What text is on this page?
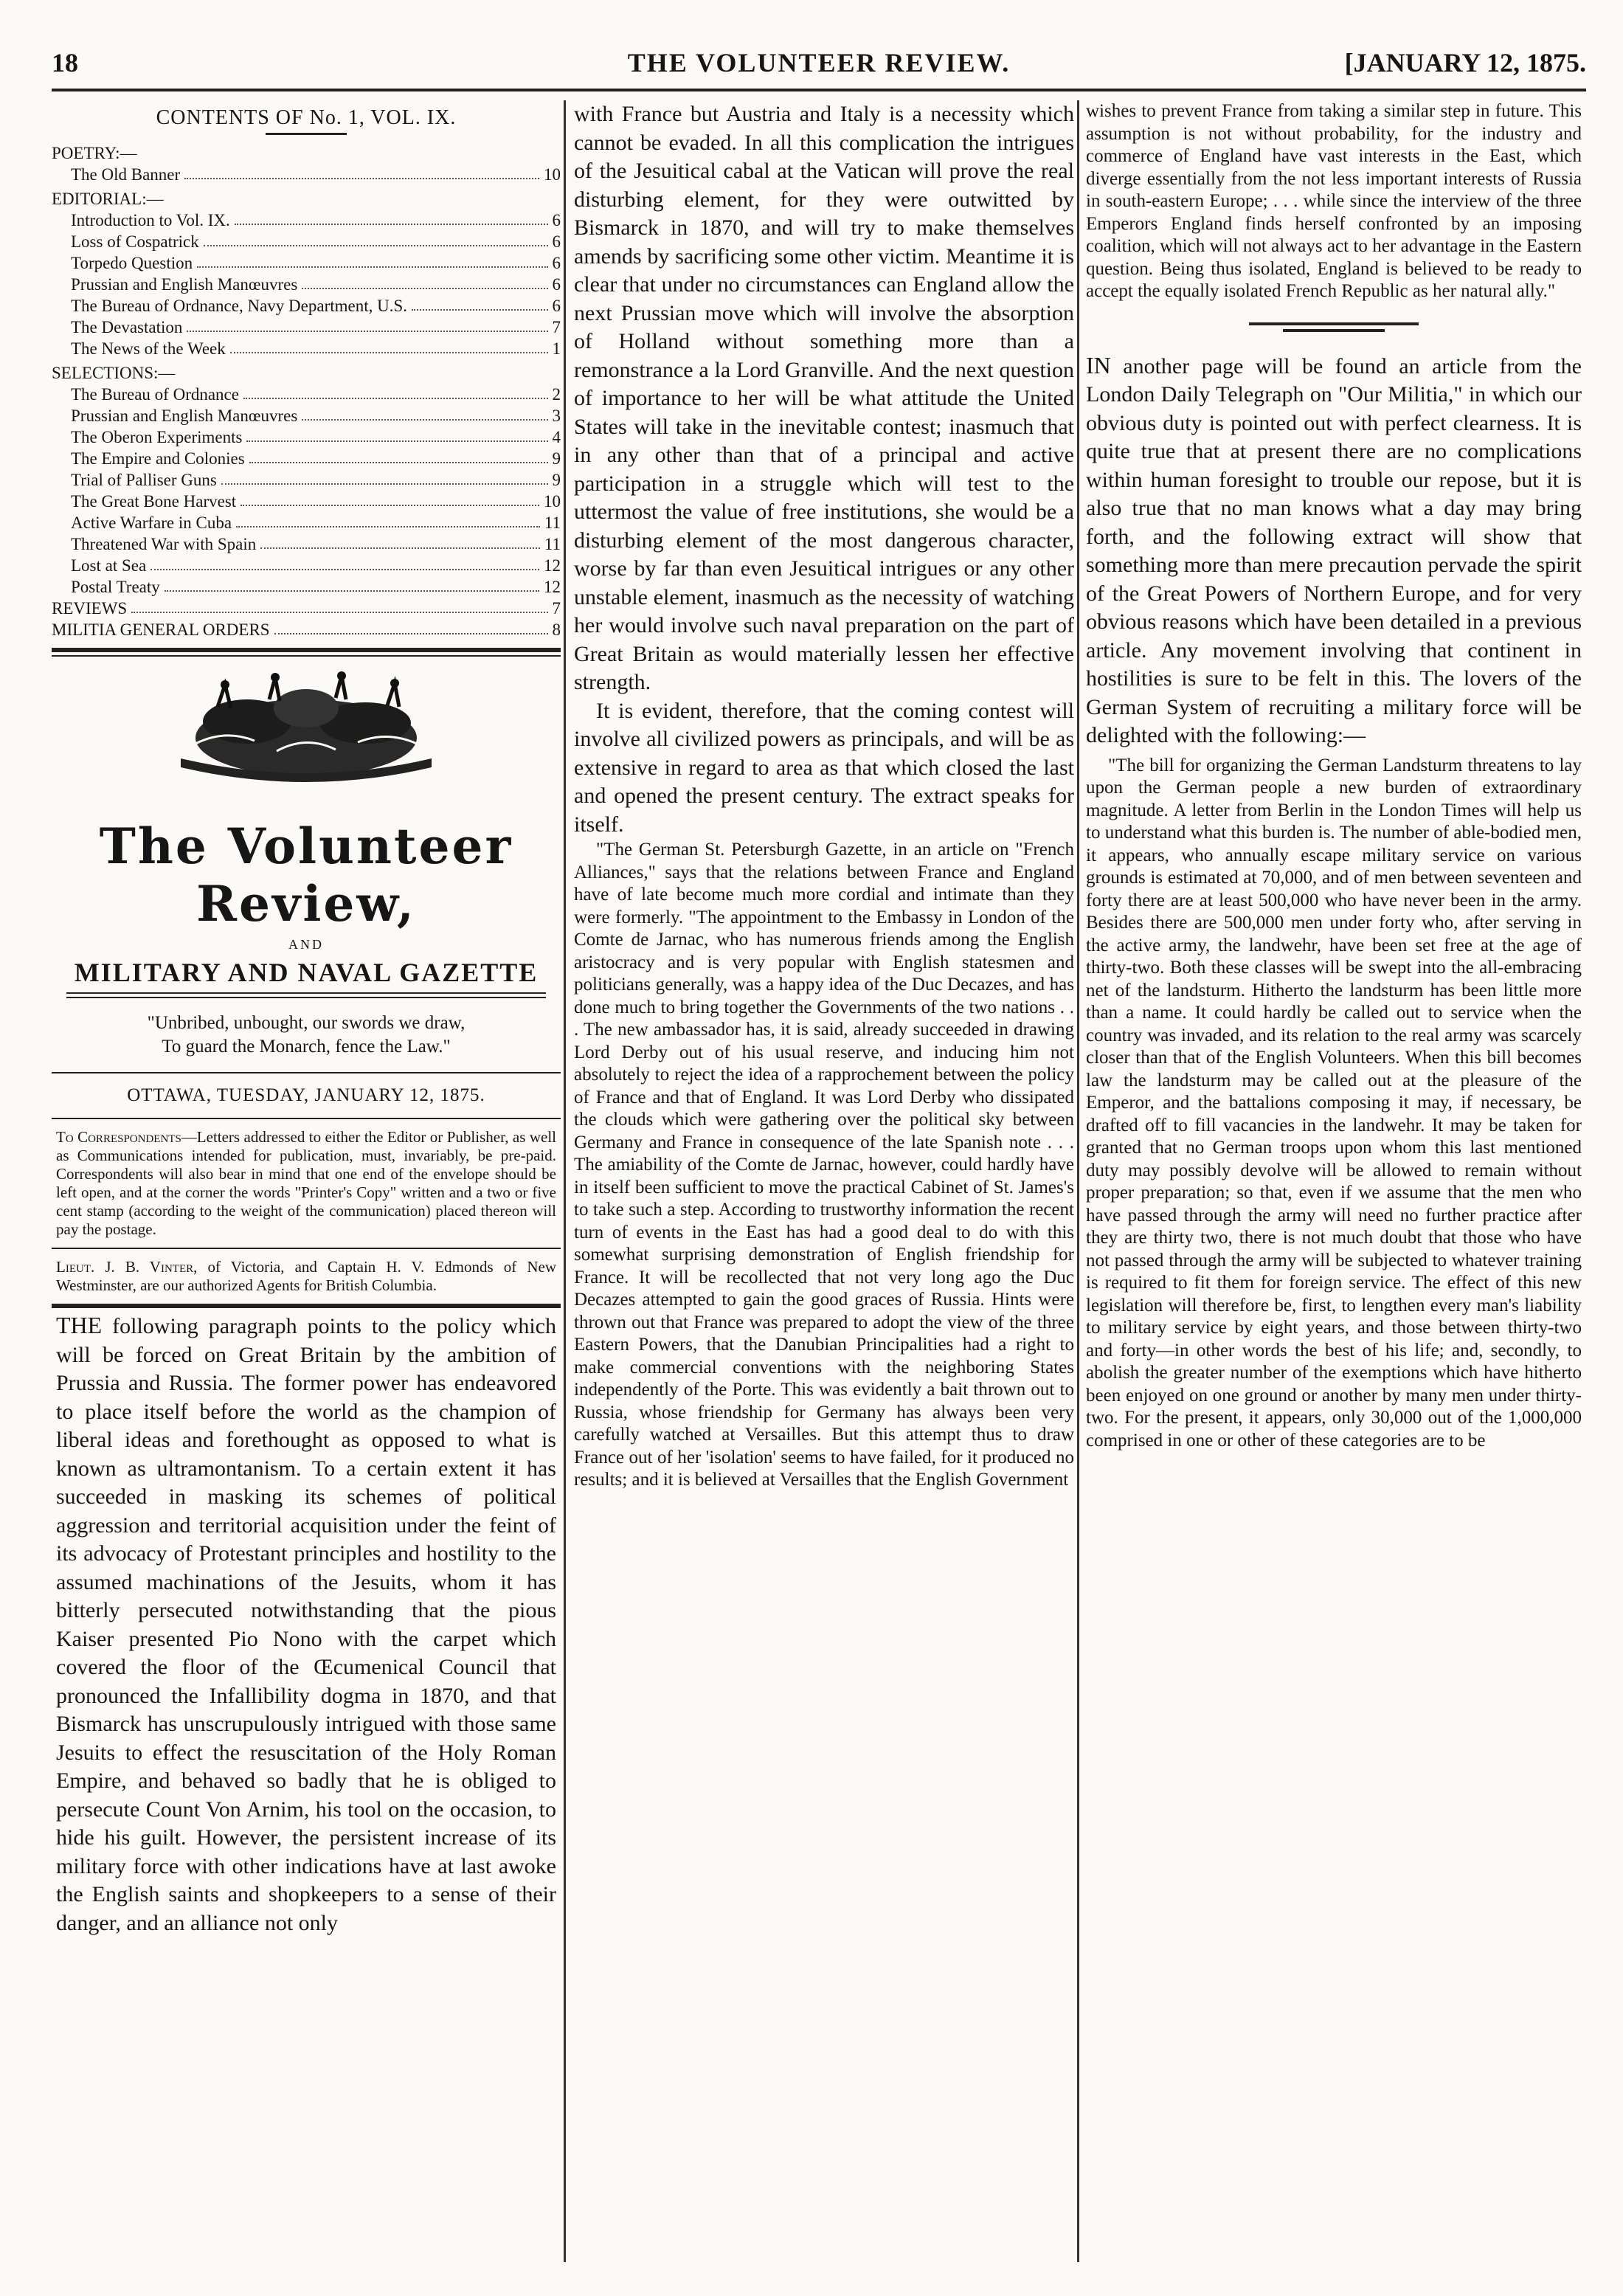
18	THE VOLUNTEER REVIEW.	[JANUARY 12, 1875.
CONTENTS OF No. 1, VOL. IX.
POETRY:—
The Old Banner	10
EDITORIAL:—
Introduction to Vol. IX.	6
Loss of Cospatrick	6
Torpedo Question	6
Prussian and English Manœuvres	6
The Bureau of Ordnance, Navy Department, U.S.	6
The Devastation	7
The News of the Week	1
SELECTIONS:—
The Bureau of Ordnance	2
Prussian and English Manœuvres	3
The Oberon Experiments	4
The Empire and Colonies	9
Trial of Palliser Guns	9
The Great Bone Harvest	10
Active Warfare in Cuba	11
Threatened War with Spain	11
Lost at Sea	12
Postal Treaty	12
REVIEWS	7
MILITIA GENERAL ORDERS	8
The Volunteer Review,
AND
MILITARY AND NAVAL GAZETTE
"Unbribed, unbought, our swords we draw,
To guard the Monarch, fence the Law."
OTTAWA, TUESDAY, JANUARY 12, 1875.
To Correspondents—Letters addressed to either the Editor or Publisher, as well as Communications intended for publication, must, invariably, be pre-paid. Correspondents will also bear in mind that one end of the envelope should be left open, and at the corner the words "Printer's Copy" written and a two or five cent stamp (according to the weight of the communication) placed thereon will pay the postage.
Lieut. J. B. Vinter, of Victoria, and Captain H. V. Edmonds of New Westminster, are our authorized Agents for British Columbia.

THE following paragraph points to the policy which will be forced on Great Britain by the ambition of Prussia and Russia. The former power has endeavored to place itself before the world as the champion of liberal ideas and forethought as opposed to what is known as ultramontanism. To a certain extent it has succeeded in masking its schemes of political aggression and territorial acquisition under the feint of its advocacy of Protestant principles and hostility to the assumed machinations of the Jesuits, whom it has bitterly persecuted notwithstanding that the pious Kaiser presented Pio Nono with the carpet which covered the floor of the Œcumenical Council that pronounced the Infallibility dogma in 1870, and that Bismarck has unscrupulously intrigued with those same Jesuits to effect the resuscitation of the Holy Roman Empire, and behaved so badly that he is obliged to persecute Count Von Arnim, his tool on the occasion, to hide his guilt. However, the persistent increase of its military force with other indications have at last awoke the English saints and shopkeepers to a sense of their danger, and an alliance not only

with France but Austria and Italy is a necessity which cannot be evaded. In all this complication the intrigues of the Jesuitical cabal at the Vatican will prove the real disturbing element, for they were outwitted by Bismarck in 1870, and will try to make themselves amends by sacrificing some other victim. Meantime it is clear that under no circumstances can England allow the next Prussian move which will involve the absorption of Holland without something more than a remonstrance a la Lord Granville. And the next question of importance to her will be what attitude the United States will take in the inevitable contest; inasmuch that in any other than that of a principal and active participation in a struggle which will test to the uttermost the value of free institutions, she would be a disturbing element of the most dangerous character, worse by far than even Jesuitical intrigues or any other unstable element, inasmuch as the necessity of watching her would involve such naval preparation on the part of Great Britain as would materially lessen her effective strength.

It is evident, therefore, that the coming contest will involve all civilized powers as principals, and will be as extensive in regard to area as that which closed the last and opened the present century. The extract speaks for itself.

"The German St. Petersburgh Gazette, in an article on "French Alliances," says that the relations between France and England have of late become much more cordial and intimate than they were formerly. "The appointment to the Embassy in London of the Comte de Jarnac, who has numerous friends among the English aristocracy and is very popular with English statesmen and politicians generally, was a happy idea of the Duc Decazes, and has done much to bring together the Governments of the two nations . . . The new ambassador has, it is said, already succeeded in drawing Lord Derby out of his usual reserve, and inducing him not absolutely to reject the idea of a rapprochement between the policy of France and that of England. It was Lord Derby who dissipated the clouds which were gathering over the political sky between Germany and France in consequence of the late Spanish note . . . The amiability of the Comte de Jarnac, however, could hardly have in itself been sufficient to move the practical Cabinet of St. James's to take such a step. According to trustworthy information the recent turn of events in the East has had a good deal to do with this somewhat surprising demonstration of English friendship for France. It will be recollected that not very long ago the Duc Decazes attempted to gain the good graces of Russia. Hints were thrown out that France was prepared to adopt the view of the three Eastern Powers, that the Danubian Principalities had a right to make commercial conventions with the neighboring States independently of the Porte. This was evidently a bait thrown out to Russia, whose friendship for Germany has always been very carefully watched at Versailles. But this attempt thus to draw France out of her 'isolation' seems to have failed, for it produced no results; and it is believed at Versailles that the English Government

wishes to prevent France from taking a similar step in future. This assumption is not without probability, for the industry and commerce of England have vast interests in the East, which diverge essentially from the not less important interests of Russia in south-eastern Europe; . . . while since the interview of the three Emperors England finds herself confronted by an imposing coalition, which will not always act to her advantage in the Eastern question. Being thus isolated, England is believed to be ready to accept the equally isolated French Republic as her natural ally."

IN another page will be found an article from the London Daily Telegraph on "Our Militia," in which our obvious duty is pointed out with perfect clearness. It is quite true that at present there are no complications within human foresight to trouble our repose, but it is also true that no man knows what a day may bring forth, and the following extract will show that something more than mere precaution pervade the spirit of the Great Powers of Northern Europe, and for very obvious reasons which have been detailed in a previous article. Any movement involving that continent in hostilities is sure to be felt in this. The lovers of the German System of recruiting a military force will be delighted with the following:—

"The bill for organizing the German Landsturm threatens to lay upon the German people a new burden of extraordinary magnitude. A letter from Berlin in the London Times will help us to understand what this burden is. The number of able-bodied men, it appears, who annually escape military service on various grounds is estimated at 70,000, and of men between seventeen and forty there are at least 500,000 who have never been in the army. Besides there are 500,000 men under forty who, after serving in the active army, the landwehr, have been set free at the age of thirty-two. Both these classes will be swept into the all-embracing net of the landsturm. Hitherto the landsturm has been little more than a name. It could hardly be called out to service when the country was invaded, and its relation to the real army was scarcely closer than that of the English Volunteers. When this bill becomes law the landsturm may be called out at the pleasure of the Emperor, and the battalions composing it may, if necessary, be drafted off to fill vacancies in the landwehr. It may be taken for granted that no German troops upon whom this last mentioned duty may possibly devolve will be allowed to remain without proper preparation; so that, even if we assume that the men who have passed through the army will need no further practice after they are thirty two, there is not much doubt that those who have not passed through the army will be subjected to whatever training is required to fit them for foreign service. The effect of this new legislation will therefore be, first, to lengthen every man's liability to military service by eight years, and those between thirty-two and forty—in other words the best of his life; and, secondly, to abolish the greater number of the exemptions which have hitherto been enjoyed on one ground or another by many men under thirty-two. For the present, it appears, only 30,000 out of the 1,000,000 comprised in one or other of these categories are to be
